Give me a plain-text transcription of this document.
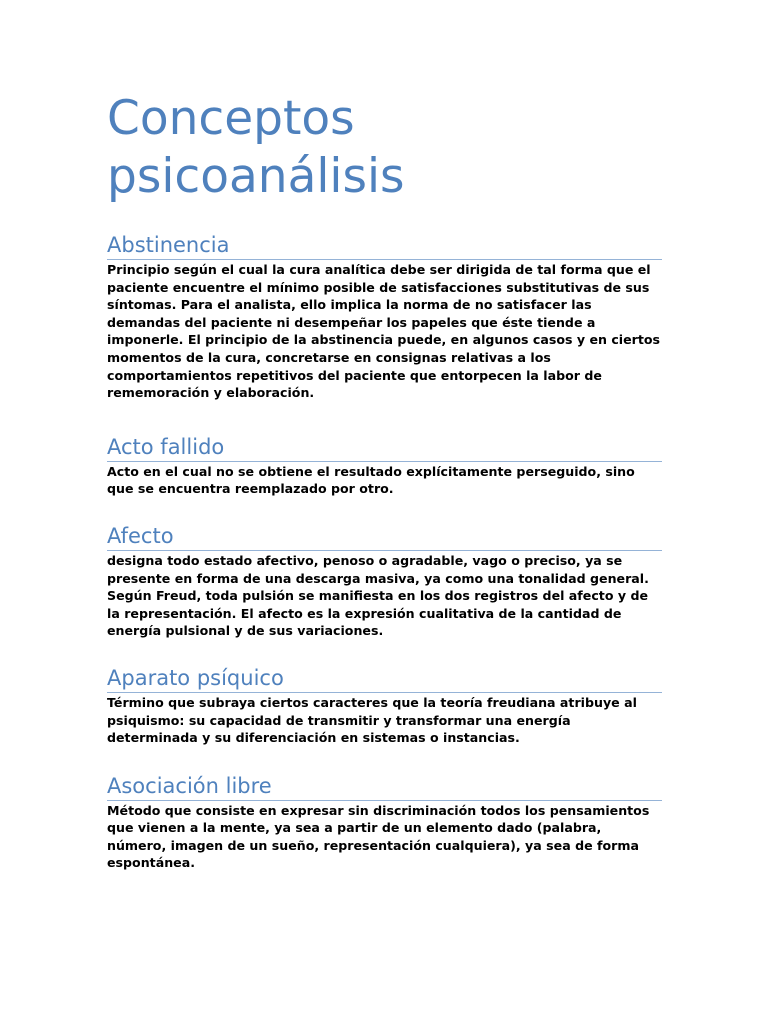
Conceptos
psicoanálisis
Abstinencia

Principio según el cual la cura analítica debe ser dirigida de tal forma que el paciente encuentre el mínimo posible de satisfacciones substitutivas de sus síntomas. Para el analista, ello implica la norma de no satisfacer las demandas del paciente ni desempeñar los papeles que éste tiende a imponerle. El principio de la abstinencia puede, en algunos casos y en ciertos momentos de la cura, concretarse en consignas relativas a los comportamientos repetitivos del paciente que entorpecen la labor de rememoración y elaboración.

Acto fallido

Acto en el cual no se obtiene el resultado explícitamente perseguido, sino que se encuentra reemplazado por otro.

Afecto

designa todo estado afectivo, penoso o agradable, vago o preciso, ya se presente en forma de una descarga masiva, ya como una tonalidad general. Según Freud, toda pulsión se manifiesta en los dos registros del afecto y de la representación. El afecto es la expresión cualitativa de la cantidad de energía pulsional y de sus variaciones.

Aparato psíquico

Término que subraya ciertos caracteres que la teoría freudiana atribuye al psiquismo: su capacidad de transmitir y transformar una energía determinada y su diferenciación en sistemas o instancias.

Asociación libre

Método que consiste en expresar sin discriminación todos los pensamientos que vienen a la mente, ya sea a partir de un elemento dado (palabra, número, imagen de un sueño, representación cualquiera), ya sea de forma espontánea.
